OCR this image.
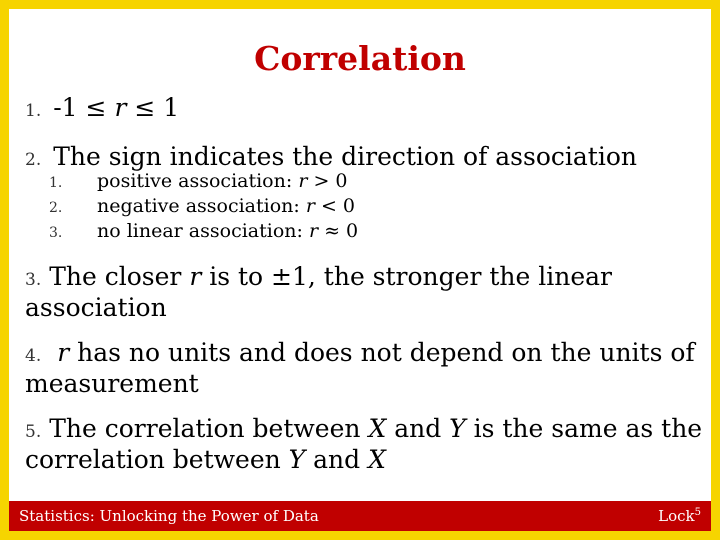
Correlation
1. -1 ≤ r ≤ 1
2. The sign indicates the direction of association
1. positive association: r > 0
2. negative association: r < 0
3. no linear association: r ≈ 0
3. The closer r is to ±1, the stronger the linear association
4. r has no units and does not depend on the units of measurement
5. The correlation between X and Y is the same as the correlation between Y and X
Statistics: Unlocking the Power of Data	Lock$^5$
